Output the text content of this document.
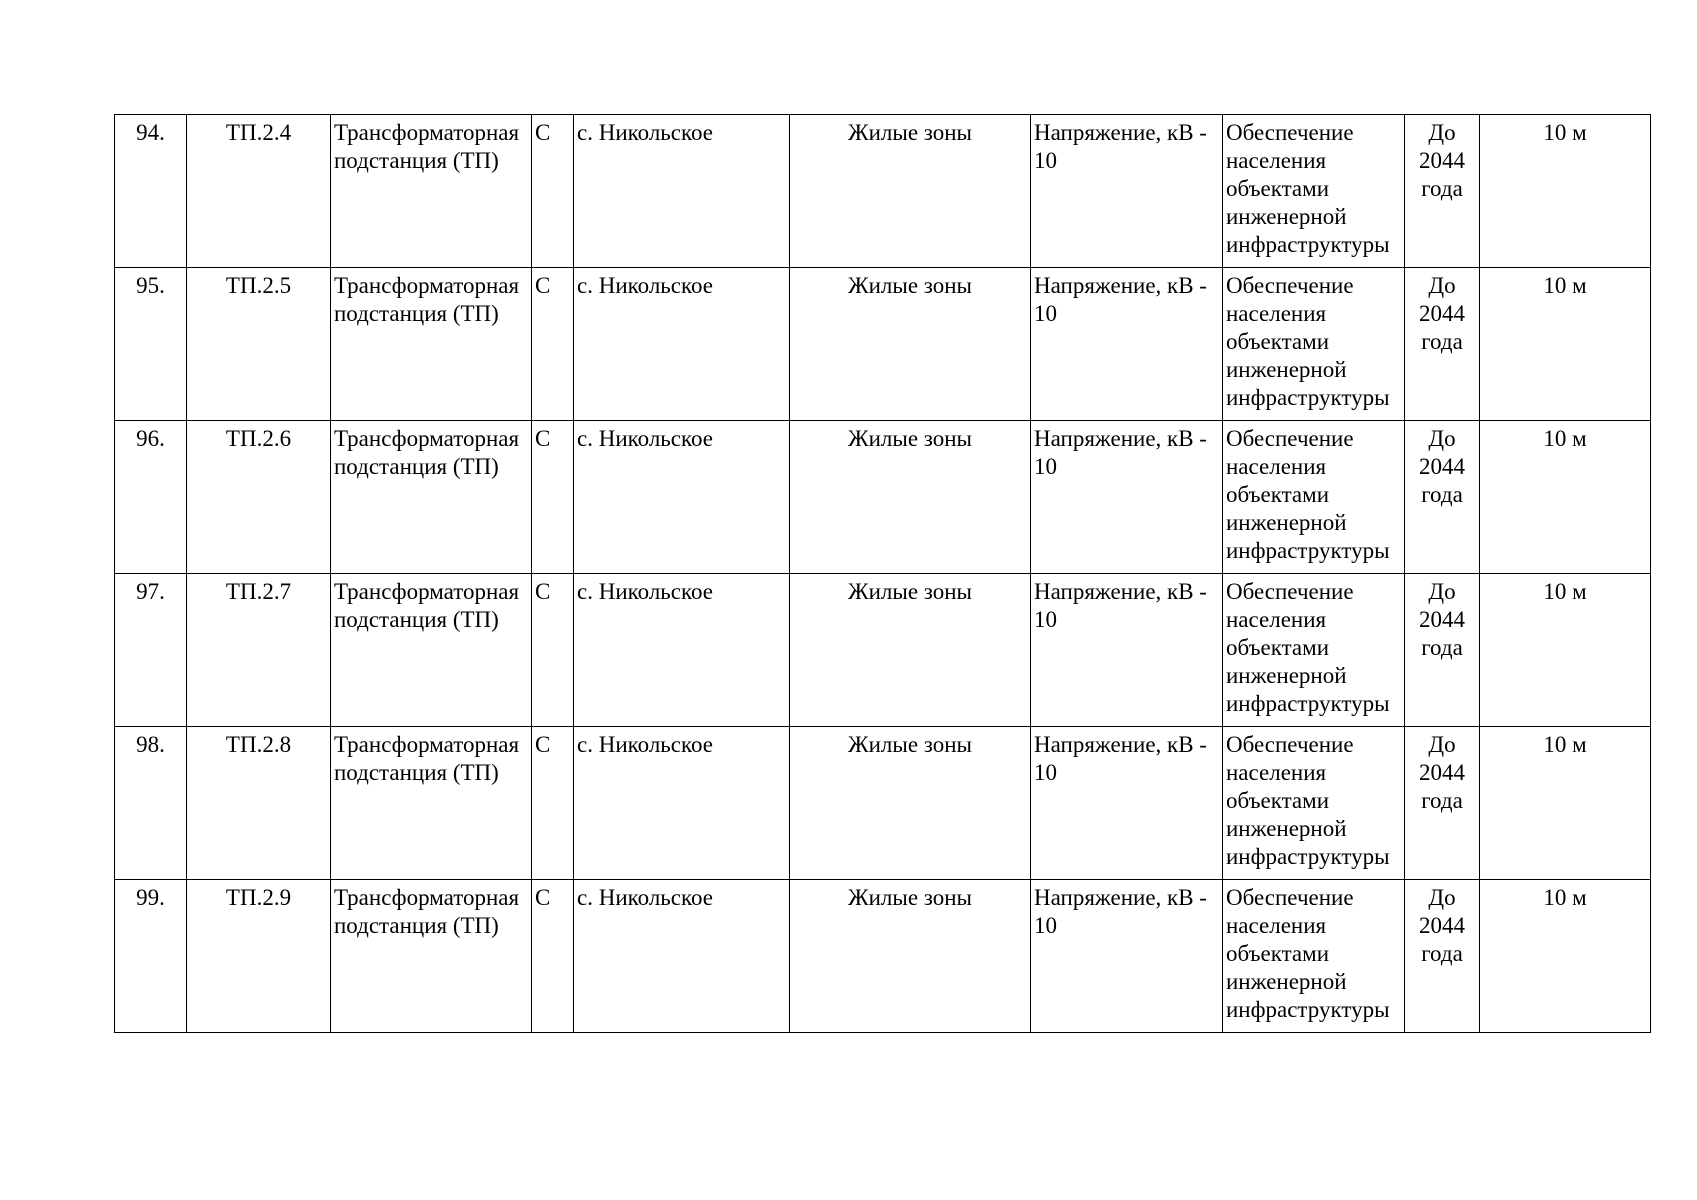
94.	ТП.2.4	Трансформаторная подстанция (ТП)	С	с. Никольское	Жилые зоны	Напряжение, кВ - 10	Обеспечение населения объектами инженерной инфраструктуры	До 2044 года	10 м
95.	ТП.2.5	Трансформаторная подстанция (ТП)	С	с. Никольское	Жилые зоны	Напряжение, кВ - 10	Обеспечение населения объектами инженерной инфраструктуры	До 2044 года	10 м
96.	ТП.2.6	Трансформаторная подстанция (ТП)	С	с. Никольское	Жилые зоны	Напряжение, кВ - 10	Обеспечение населения объектами инженерной инфраструктуры	До 2044 года	10 м
97.	ТП.2.7	Трансформаторная подстанция (ТП)	С	с. Никольское	Жилые зоны	Напряжение, кВ - 10	Обеспечение населения объектами инженерной инфраструктуры	До 2044 года	10 м
98.	ТП.2.8	Трансформаторная подстанция (ТП)	С	с. Никольское	Жилые зоны	Напряжение, кВ - 10	Обеспечение населения объектами инженерной инфраструктуры	До 2044 года	10 м
99.	ТП.2.9	Трансформаторная подстанция (ТП)	С	с. Никольское	Жилые зоны	Напряжение, кВ - 10	Обеспечение населения объектами инженерной инфраструктуры	До 2044 года	10 м
